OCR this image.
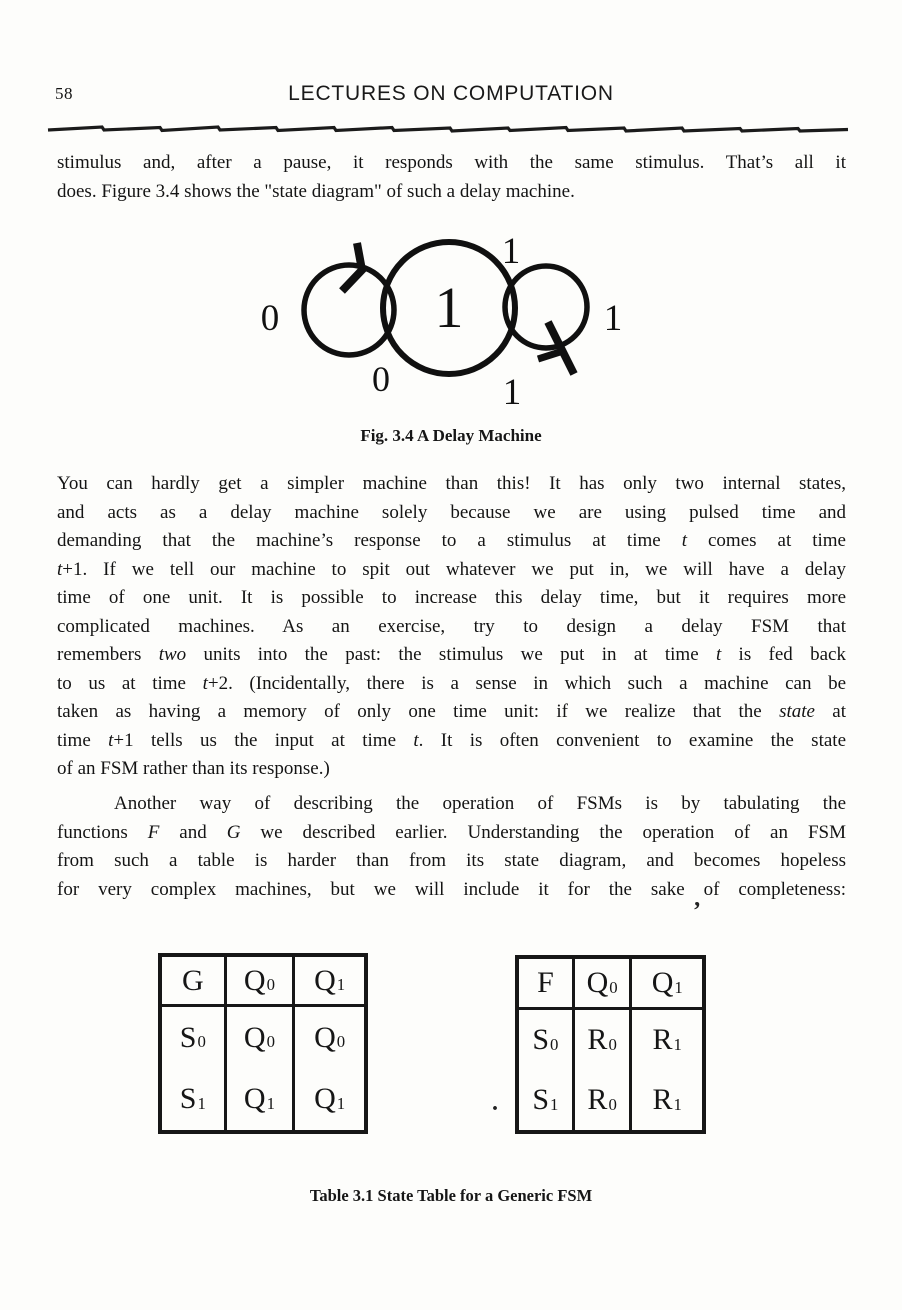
58	LECTURES ON COMPUTATION
stimulus and, after a pause, it responds with the same stimulus. That’s all it
does. Figure 3.4 shows the "state diagram" of such a delay machine.
1
0
0
1
1
1
Fig. 3.4 A Delay Machine
You can hardly get a simpler machine than this! It has only two internal states,
and acts as a delay machine solely because we are using pulsed time and
demanding that the machine’s response to a stimulus at time t comes at time
t+1. If we tell our machine to spit out whatever we put in, we will have a delay
time of one unit. It is possible to increase this delay time, but it requires more
complicated machines. As an exercise, try to design a delay FSM that
remembers two units into the past: the stimulus we put in at time t is fed back
to us at time t+2. (Incidentally, there is a sense in which such a machine can be
taken as having a memory of only one time unit: if we realize that the state at
time t+1 tells us the input at time t. It is often convenient to examine the state
of an FSM rather than its response.)
Another way of describing the operation of FSMs is by tabulating the
functions F and G we described earlier. Understanding the operation of an FSM
from such a table is harder than from its state diagram, and becomes hopeless
for very complex machines, but we will include it for the sake of completeness:
’
G $Q_0$ $Q_1$
$S_0$ $Q_0$ $Q_0$
$S_1$ $Q_1$ $Q_1$	.
F $Q_0$ $Q_1$
$S_0$ $R_0$ $R_1$
$S_1$ $R_0$ $R_1$
Table 3.1 State Table for a Generic FSM
